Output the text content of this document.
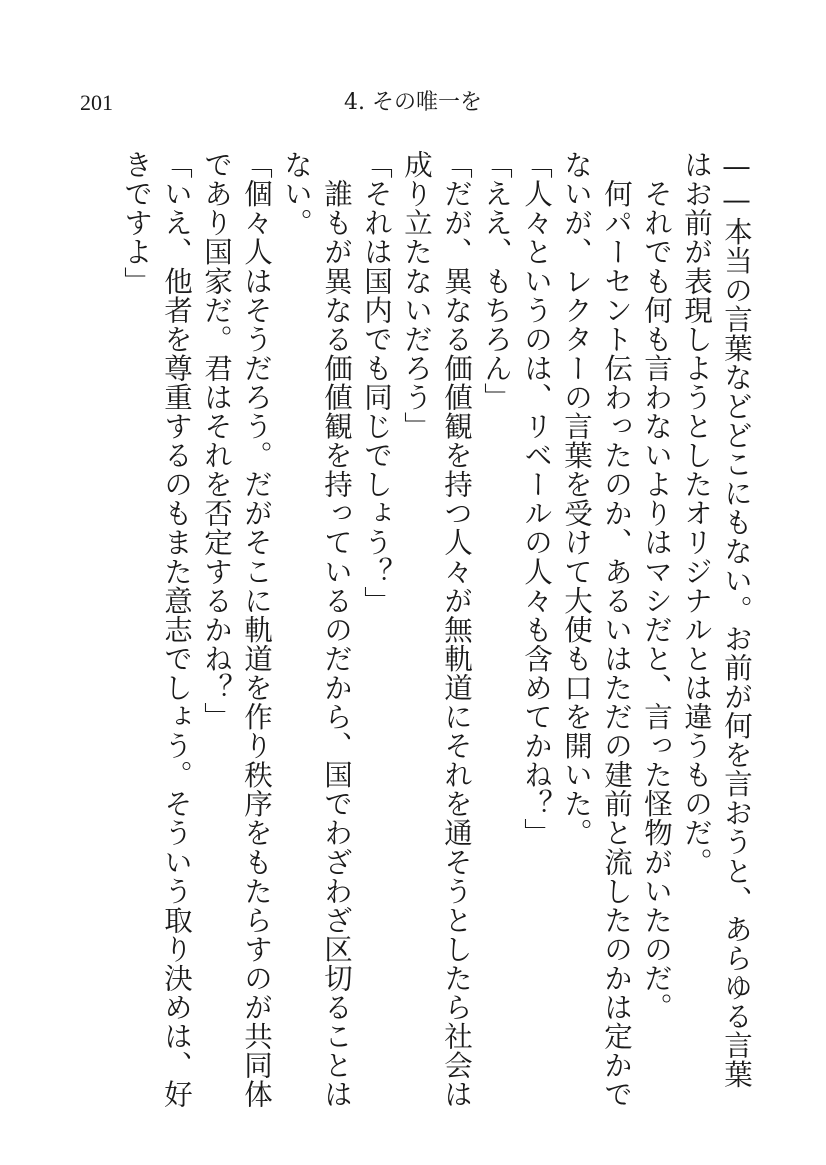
201	4. その唯一を
——本当の言葉などどこにもない。お前が何を言おうと、あらゆる言葉
はお前が表現しようとしたオリジナルとは違うものだ。
　それでも何も言わないよりはマシだと、言った怪物がいたのだ。
　何パーセント伝わったのか、あるいはただの建前と流したのかは定かで
ないが、レクターの言葉を受けて大使も口を開いた。
「人々というのは、リベールの人々も含めてかね？」
「ええ、もちろん」
「だが、異なる価値観を持つ人々が無軌道にそれを通そうとしたら社会は
成り立たないだろう」
「それは国内でも同じでしょう？」
　誰もが異なる価値観を持っているのだから、国でわざわざ区切ることは
ない。
「個々人はそうだろう。だがそこに軌道を作り秩序をもたらすのが共同体
であり国家だ。君はそれを否定するかね？」
「いえ、他者を尊重するのもまた意志でしょう。そういう取り決めは、好
きですよ」
